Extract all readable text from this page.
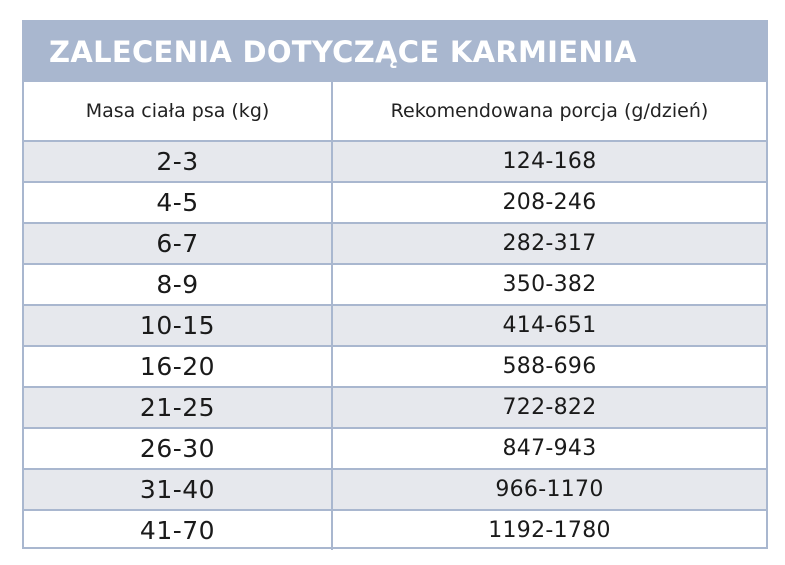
ZALECENIA DOTYCZĄCE KARMIENIA
Masa ciała psa (kg)	Rekomendowana porcja (g/dzień)
2-3	124-168
4-5	208-246
6-7	282-317
8-9	350-382
10-15	414-651
16-20	588-696
21-25	722-822
26-30	847-943
31-40	966-1170
41-70	1192-1780
